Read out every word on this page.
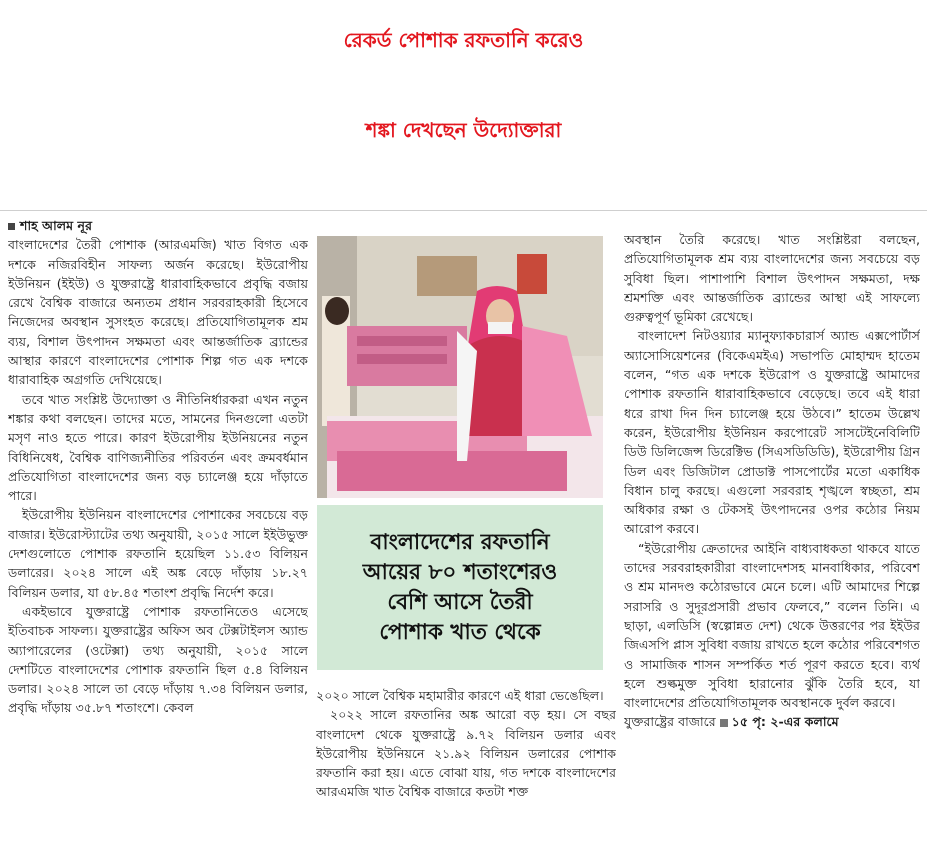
রেকর্ড পোশাক রফতানি করেও
শঙ্কা দেখছেন উদ্যোক্তারা

শাহ আলম নূর

বাংলাদেশের তৈরী পোশাক (আরএমজি) খাত বিগত এক দশকে নজিরবিহীন সাফল্য অর্জন করেছে। ইউরোপীয় ইউনিয়ন (ইইউ) ও যুক্তরাষ্ট্রে ধারাবাহিকভাবে প্রবৃদ্ধি বজায় রেখে বৈশ্বিক বাজারে অন্যতম প্রধান সরবরাহকারী হিসেবে নিজেদের অবস্থান সুসংহত করেছে। প্রতিযোগিতামূলক শ্রম ব্যয়, বিশাল উৎপাদন সক্ষমতা এবং আন্তর্জাতিক ব্র্যান্ডের আস্থার কারণে বাংলাদেশের পোশাক শিল্প গত এক দশকে ধারাবাহিক অগ্রগতি দেখিয়েছে।

তবে খাত সংশ্লিষ্ট উদ্যোক্তা ও নীতিনির্ধারকরা এখন নতুন শঙ্কার কথা বলছেন। তাদের মতে, সামনের দিনগুলো এতটা মসৃণ নাও হতে পারে। কারণ ইউরোপীয় ইউনিয়নের নতুন বিধিনিষেধ, বৈশ্বিক বাণিজ্যনীতির পরিবর্তন এবং ক্রমবর্ধমান প্রতিযোগিতা বাংলাদেশের জন্য বড় চ্যালেঞ্জ হয়ে দাঁড়াতে পারে।

ইউরোপীয় ইউনিয়ন বাংলাদেশের পোশাকের সবচেয়ে বড় বাজার। ইউরোস্ট্যাটের তথ্য অনুযায়ী, ২০১৫ সালে ইইউভুক্ত দেশগুলোতে পোশাক রফতানি হয়েছিল ১১.৫৩ বিলিয়ন ডলারের। ২০২৪ সালে এই অঙ্ক বেড়ে দাঁড়ায় ১৮.২৭ বিলিয়ন ডলার, যা ৫৮.৪৫ শতাংশ প্রবৃদ্ধি নির্দেশ করে।

একইভাবে যুক্তরাষ্ট্রে পোশাক রফতানিতেও এসেছে ইতিবাচক সাফল্য। যুক্তরাষ্ট্রের অফিস অব টেক্সটাইলস অ্যান্ড অ্যাপারেলের (ওটেক্সা) তথ্য অনুযায়ী, ২০১৫ সালে দেশটিতে বাংলাদেশের পোশাক রফতানি ছিল ৫.৪ বিলিয়ন ডলার। ২০২৪ সালে তা বেড়ে দাঁড়ায় ৭.৩৪ বিলিয়ন ডলার, প্রবৃদ্ধি দাঁড়ায় ৩৫.৮৭ শতাংশে। কেবল

বাংলাদেশের রফতানি
আয়ের ৮০ শতাংশেরও
বেশি আসে তৈরী
পোশাক খাত থেকে

২০২০ সালে বৈশ্বিক মহামারীর কারণে এই ধারা ভেঙেছিল।

২০২২ সালে রফতানির অঙ্ক আরো বড় হয়। সে বছর বাংলাদেশ থেকে যুক্তরাষ্ট্রে ৯.৭২ বিলিয়ন ডলার এবং ইউরোপীয় ইউনিয়নে ২১.৯২ বিলিয়ন ডলারের পোশাক রফতানি করা হয়। এতে বোঝা যায়, গত দশকে বাংলাদেশের আরএমজি খাত বৈশ্বিক বাজারে কতটা শক্ত

অবস্থান তৈরি করেছে। খাত সংশ্লিষ্টরা বলছেন, প্রতিযোগিতামূলক শ্রম ব্যয় বাংলাদেশের জন্য সবচেয়ে বড় সুবিধা ছিল। পাশাপাশি বিশাল উৎপাদন সক্ষমতা, দক্ষ শ্রমশক্তি এবং আন্তর্জাতিক ব্র্যান্ডের আস্থা এই সাফল্যে গুরুত্বপূর্ণ ভূমিকা রেখেছে।

বাংলাদেশ নিটওয়্যার ম্যানুফ্যাকচারার্স অ্যান্ড এক্সপোর্টার্স অ্যাসোসিয়েশনের (বিকেএমইএ) সভাপতি মোহাম্মদ হাতেম বলেন, “গত এক দশকে ইউরোপ ও যুক্তরাষ্ট্রে আমাদের পোশাক রফতানি ধারাবাহিকভাবে বেড়েছে। তবে এই ধারা ধরে রাখা দিন দিন চ্যালেঞ্জ হয়ে উঠবে।” হাতেম উল্লেখ করেন, ইউরোপীয় ইউনিয়ন করপোরেট সাসটেইনেবিলিটি ডিউ ডিলিজেন্স ডিরেক্টিভ (সিএসডিডিডি), ইউরোপীয় গ্রিন ডিল এবং ডিজিটাল প্রোডাক্ট পাসপোর্টের মতো একাধিক বিধান চালু করছে। এগুলো সরবরাহ শৃঙ্খলে স্বচ্ছতা, শ্রম অধিকার রক্ষা ও টেকসই উৎপাদনের ওপর কঠোর নিয়ম আরোপ করবে।

“ইউরোপীয় ক্রেতাদের আইনি বাধ্যবাধকতা থাকবে যাতে তাদের সরবরাহকারীরা বাংলাদেশসহ মানবাধিকার, পরিবেশ ও শ্রম মানদণ্ড কঠোরভাবে মেনে চলে। এটি আমাদের শিল্পে সরাসরি ও সুদূরপ্রসারী প্রভাব ফেলবে,” বলেন তিনি। এ ছাড়া, এলডিসি (স্বল্পোন্নত দেশ) থেকে উত্তরণের পর ইইউর জিএসপি প্লাস সুবিধা বজায় রাখতে হলে কঠোর পরিবেশগত ও সামাজিক শাসন সম্পর্কিত শর্ত পূরণ করতে হবে। ব্যর্থ হলে শুল্কমুক্ত সুবিধা হারানোর ঝুঁকি তৈরি হবে, যা বাংলাদেশের প্রতিযোগিতামূলক অবস্থানকে দুর্বল করবে।

যুক্তরাষ্ট্রের বাজারে ১৫ পৃ: ২-এর কলামে
